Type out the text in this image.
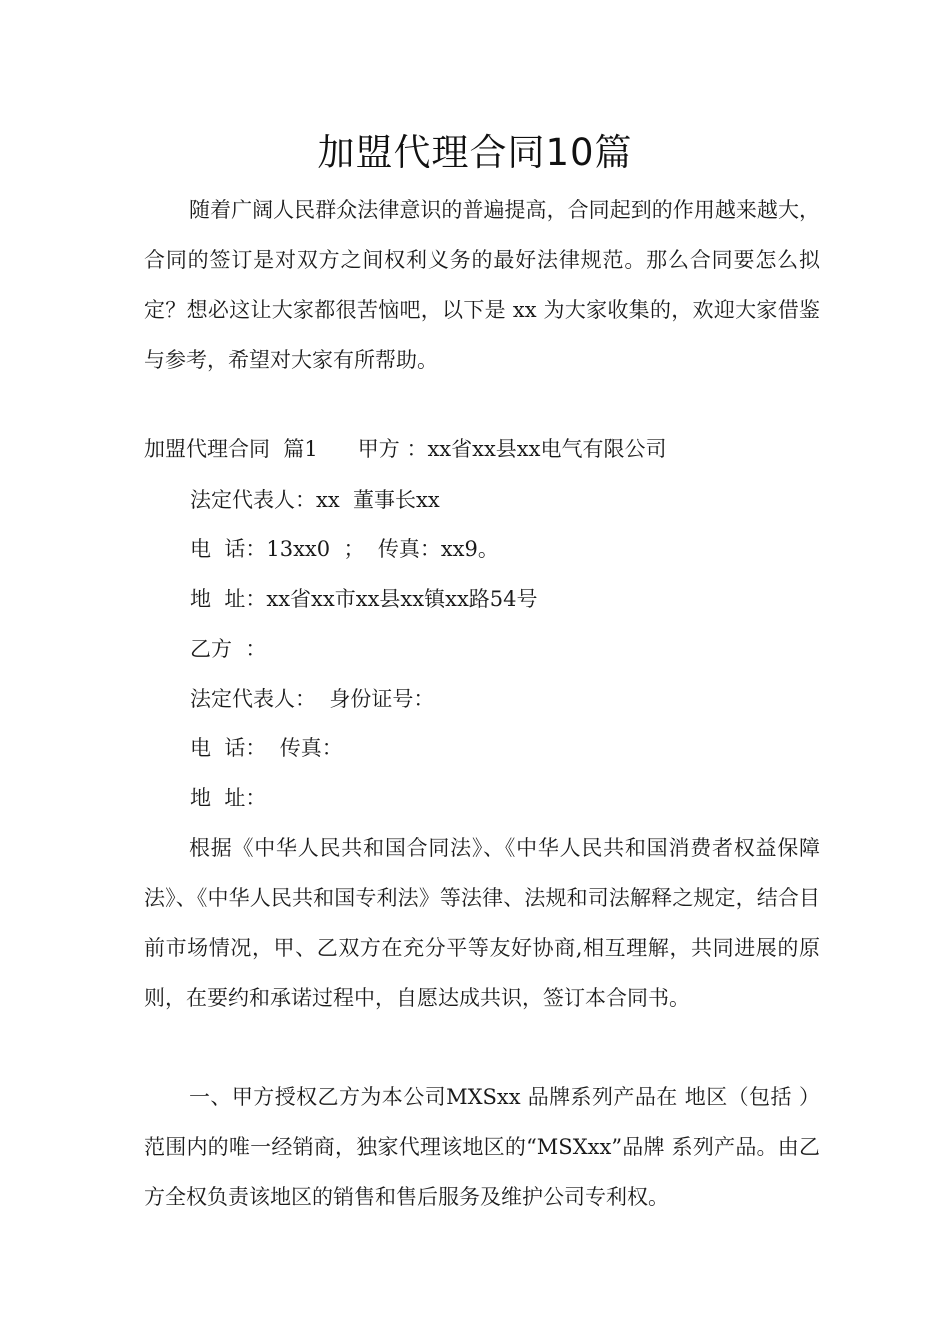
加盟代理合同10篇
随着广阔人民群众法律意识的普遍提高，合同起到的作用越来越大，合同的签订是对双方之间权利义务的最好法律规范。那么合同要怎么拟定？想必这让大家都很苦恼吧，以下是 xx 为大家收集的，欢迎大家借鉴与参考，希望对大家有所帮助。
加盟代理合同  篇1      甲方 ：xx省xx县xx电气有限公司
法定代表人：xx  董事长xx
电  话：13xx0  ；  传真：xx9。
地  址：xx省xx市xx县xx镇xx路54号
乙方  ：
法定代表人：  身份证号：
电  话：  传真：
地  址：
根据《中华人民共和国合同法》、《中华人民共和国消费者权益保障法》、《中华人民共和国专利法》等法律、法规和司法解释之规定，结合目前市场情况，甲、乙双方在充分平等友好协商,相互理解，共同进展的原则，在要约和承诺过程中，自愿达成共识，签订本合同书。
一、甲方授权乙方为本公司MXSxx 品牌系列产品在 地区（包括 ）范围内的唯一经销商，独家代理该地区的“MSXxx”品牌 系列产品。由乙方全权负责该地区的销售和售后服务及维护公司专利权。
